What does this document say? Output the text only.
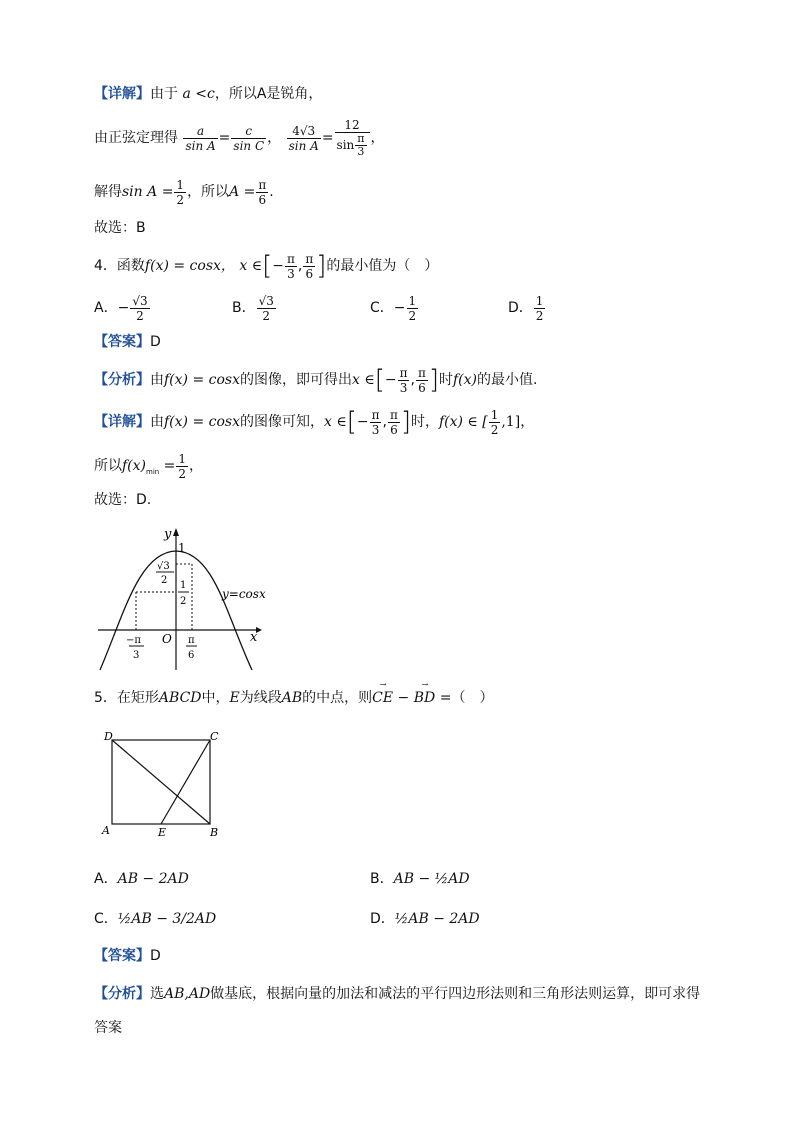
【详解】由于 a <c，所以A是锐角，
由正弦定理得 $\frac{a}{\text{sin A}} = \frac{c}{\text{sin C}}$ ， $\frac{4√3}{\text{sin A}} = \frac{12}{\sin \frac{\pi}{3}}$ ，
解得$\sin A = \frac{1}{2}$ ，所以$A = \frac{\pi}{6}$ .
故选：B
4．函数f(x) = cosx， x ∈[− $\frac{\pi}{3}$ , $\frac{\pi}{6}$ ]的最小值为（　）
A．− $\frac{√3}{2}$	B． $\frac{√3}{2}$	C．− $\frac{1}{2}$	D． $\frac{1}{2}$
【答案】D
【分析】由f(x) = cosx的图像，即可得出x ∈[− $\frac{\pi}{3}$ , $\frac{\pi}{6}$ ]时f(x)的最小值.
【详解】由f(x) = cosx的图像可知，x ∈[− $\frac{\pi}{3}$ , $\frac{\pi}{6}$ ]时，f(x) ∈ [ $\frac{1}{2} ,1$]，
所以$f(x)_{min} = \frac{1}{2}$ ，
故选：D.
y
1
√3
2 1
2
y=cosx
x
O
−π
3
π
6
5．在矩形ABCD中，E为线段AB的中点，则
→
CE −
→
BD =（　）
D	C
A	B
E
A．AB − 2AD	B．AB − ½AD
C．½AB − 3/2AD	D．½AB − 2AD
【答案】D
【分析】选AB,AD做基底，根据向量的加法和减法的平行四边形法则和三角形法则运算，即可求得
答案
